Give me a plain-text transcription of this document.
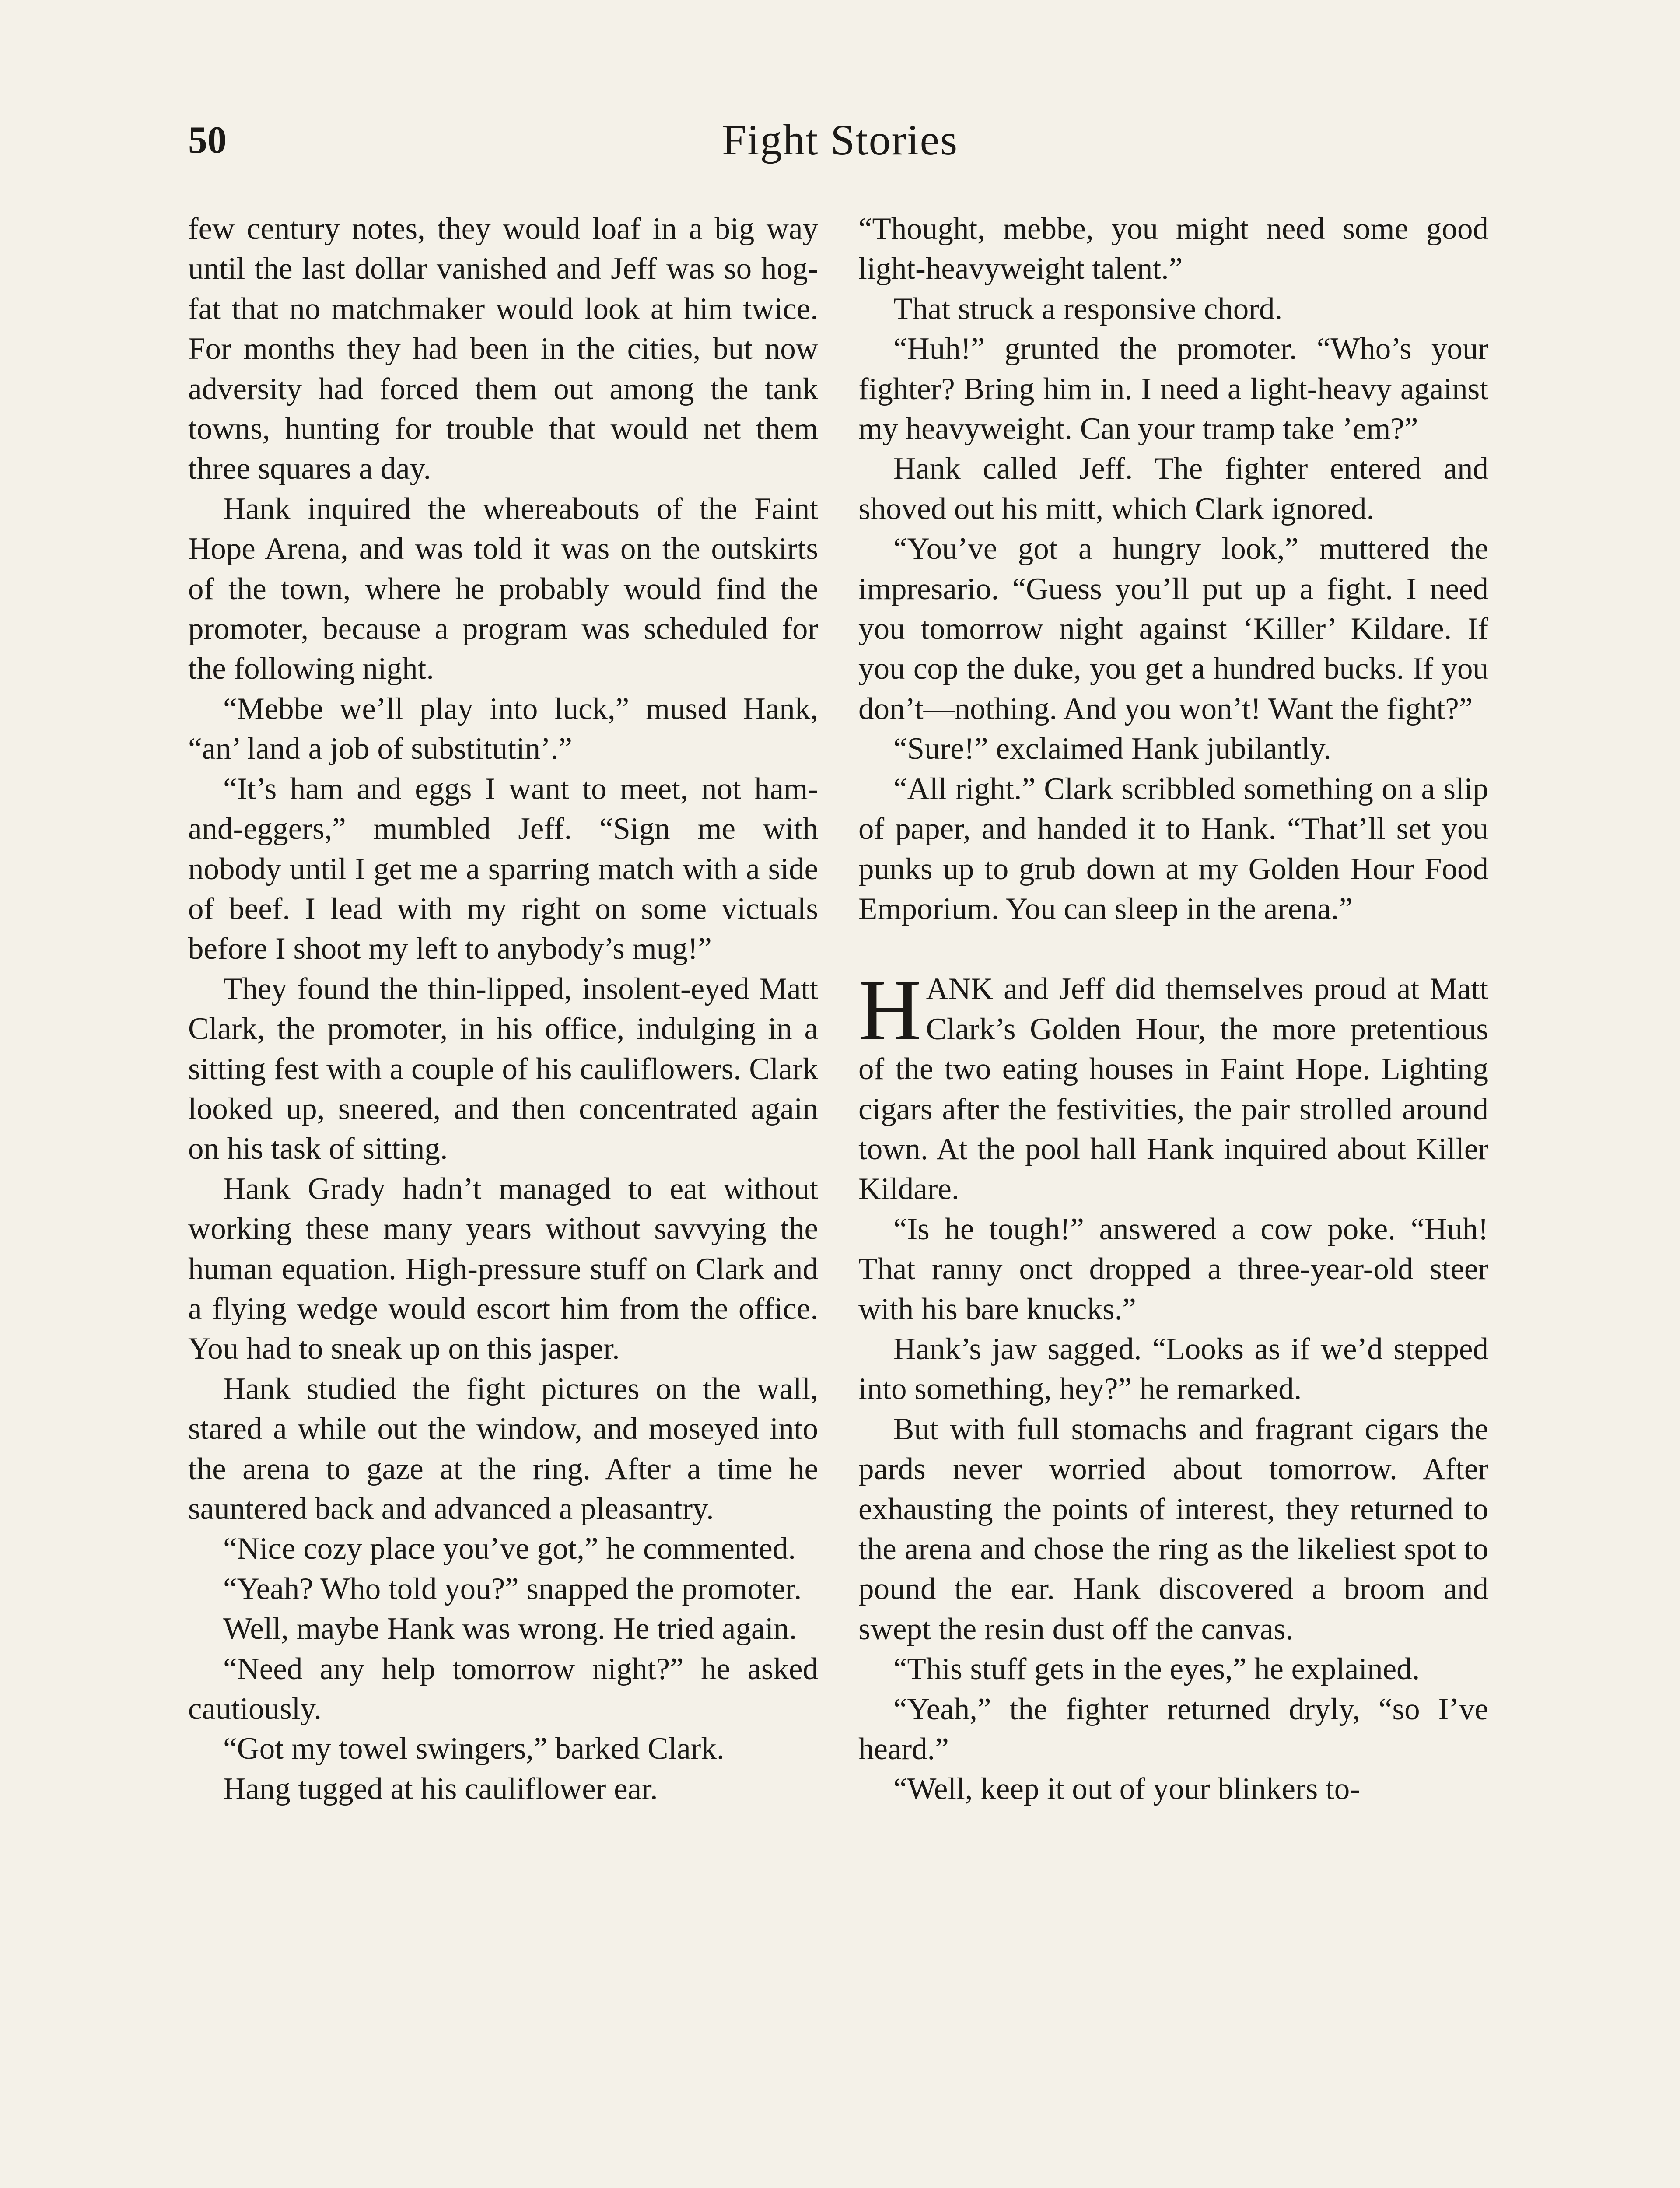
50	Fight Stories

few century notes, they would loaf in a big way until the last dollar vanished and Jeff was so hog-fat that no matchmaker would look at him twice. For months they had been in the cities, but now adversity had forced them out among the tank towns, hunting for trouble that would net them three squares a day.

Hank inquired the whereabouts of the Faint Hope Arena, and was told it was on the outskirts of the town, where he probably would find the promoter, because a program was scheduled for the following night.

“Mebbe we’ll play into luck,” mused Hank, “an’ land a job of substitutin’.”

“It’s ham and eggs I want to meet, not ham-and-eggers,” mumbled Jeff. “Sign me with nobody until I get me a sparring match with a side of beef. I lead with my right on some victuals before I shoot my left to anybody’s mug!”

They found the thin-lipped, insolent-eyed Matt Clark, the promoter, in his office, indulging in a sitting fest with a couple of his cauliflowers. Clark looked up, sneered, and then concentrated again on his task of sitting.

Hank Grady hadn’t managed to eat without working these many years without savvying the human equation. High-pressure stuff on Clark and a flying wedge would escort him from the office. You had to sneak up on this jasper.

Hank studied the fight pictures on the wall, stared a while out the window, and moseyed into the arena to gaze at the ring. After a time he sauntered back and advanced a pleasantry.

“Nice cozy place you’ve got,” he commented.

“Yeah? Who told you?” snapped the promoter.

Well, maybe Hank was wrong. He tried again.

“Need any help tomorrow night?” he asked cautiously.

“Got my towel swingers,” barked Clark.

Hang tugged at his cauliflower ear.

“Thought, mebbe, you might need some good light-heavyweight talent.”

That struck a responsive chord.

“Huh!” grunted the promoter. “Who’s your fighter? Bring him in. I need a light-heavy against my heavyweight. Can your tramp take ’em?”

Hank called Jeff. The fighter entered and shoved out his mitt, which Clark ignored.

“You’ve got a hungry look,” muttered the impresario. “Guess you’ll put up a fight. I need you tomorrow night against ‘Killer’ Kildare. If you cop the duke, you get a hundred bucks. If you don’t—nothing. And you won’t! Want the fight?”

“Sure!” exclaimed Hank jubilantly.

“All right.” Clark scribbled something on a slip of paper, and handed it to Hank. “That’ll set you punks up to grub down at my Golden Hour Food Emporium. You can sleep in the arena.”

HANK and Jeff did themselves proud at Matt Clark’s Golden Hour, the more pretentious of the two eating houses in Faint Hope. Lighting cigars after the festivities, the pair strolled around town. At the pool hall Hank inquired about Killer Kildare.

“Is he tough!” answered a cow poke. “Huh! That ranny onct dropped a three-year-old steer with his bare knucks.”

Hank’s jaw sagged. “Looks as if we’d stepped into something, hey?” he remarked.

But with full stomachs and fragrant cigars the pards never worried about tomorrow. After exhausting the points of interest, they returned to the arena and chose the ring as the likeliest spot to pound the ear. Hank discovered a broom and swept the resin dust off the canvas.

“This stuff gets in the eyes,” he explained.

“Yeah,” the fighter returned dryly, “so I’ve heard.”

“Well, keep it out of your blinkers to-
